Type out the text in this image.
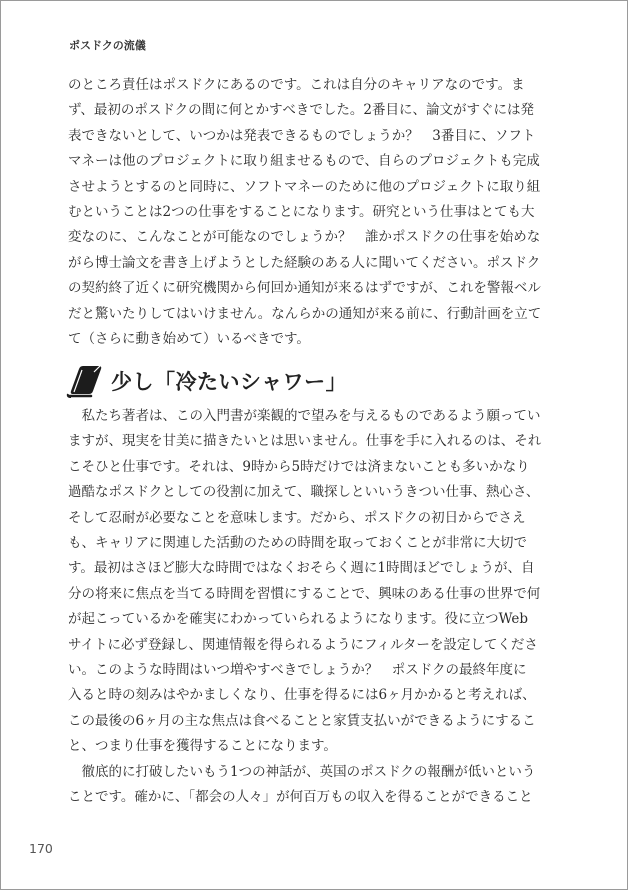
ポスドクの流儀
のところ責任はポスドクにあるのです。これは自分のキャリアなのです。ま
ず、最初のポスドクの間に何とかすべきでした。2番目に、論文がすぐには発
表できないとして、いつかは発表できるものでしょうか？　3番目に、ソフト
マネーは他のプロジェクトに取り組ませるもので、自らのプロジェクトも完成
させようとするのと同時に、ソフトマネーのために他のプロジェクトに取り組
むということは2つの仕事をすることになります。研究という仕事はとても大
変なのに、こんなことが可能なのでしょうか？　誰かポスドクの仕事を始めな
がら博士論文を書き上げようとした経験のある人に聞いてください。ポスドク
の契約終了近くに研究機関から何回か通知が来るはずですが、これを警報ベル
だと驚いたりしてはいけません。なんらかの通知が来る前に、行動計画を立て
て（さらに動き始めて）いるべきです。
少し「冷たいシャワー」
　私たち著者は、この入門書が楽観的で望みを与えるものであるよう願ってい
ますが、現実を甘美に描きたいとは思いません。仕事を手に入れるのは、それ
こそひと仕事です。それは、9時から5時だけでは済まないことも多いかなり
過酷なポスドクとしての役割に加えて、職探しといいうきつい仕事、熱心さ、
そして忍耐が必要なことを意味します。だから、ポスドクの初日からでさえ
も、キャリアに関連した活動のための時間を取っておくことが非常に大切で
す。最初はさほど膨大な時間ではなくおそらく週に1時間ほどでしょうが、自
分の将来に焦点を当てる時間を習慣にすることで、興味のある仕事の世界で何
が起こっているかを確実にわかっていられるようになります。役に立つWeb
サイトに必ず登録し、関連情報を得られるようにフィルターを設定してくださ
い。このような時間はいつ増やすべきでしょうか？　ポスドクの最終年度に
入ると時の刻みはやかましくなり、仕事を得るには6ヶ月かかると考えれば、
この最後の6ヶ月の主な焦点は食べることと家賃支払いができるようにするこ
と、つまり仕事を獲得することになります。
　徹底的に打破したいもう1つの神話が、英国のポスドクの報酬が低いという
ことです。確かに、「都会の人々」が何百万もの収入を得ることができること
170
